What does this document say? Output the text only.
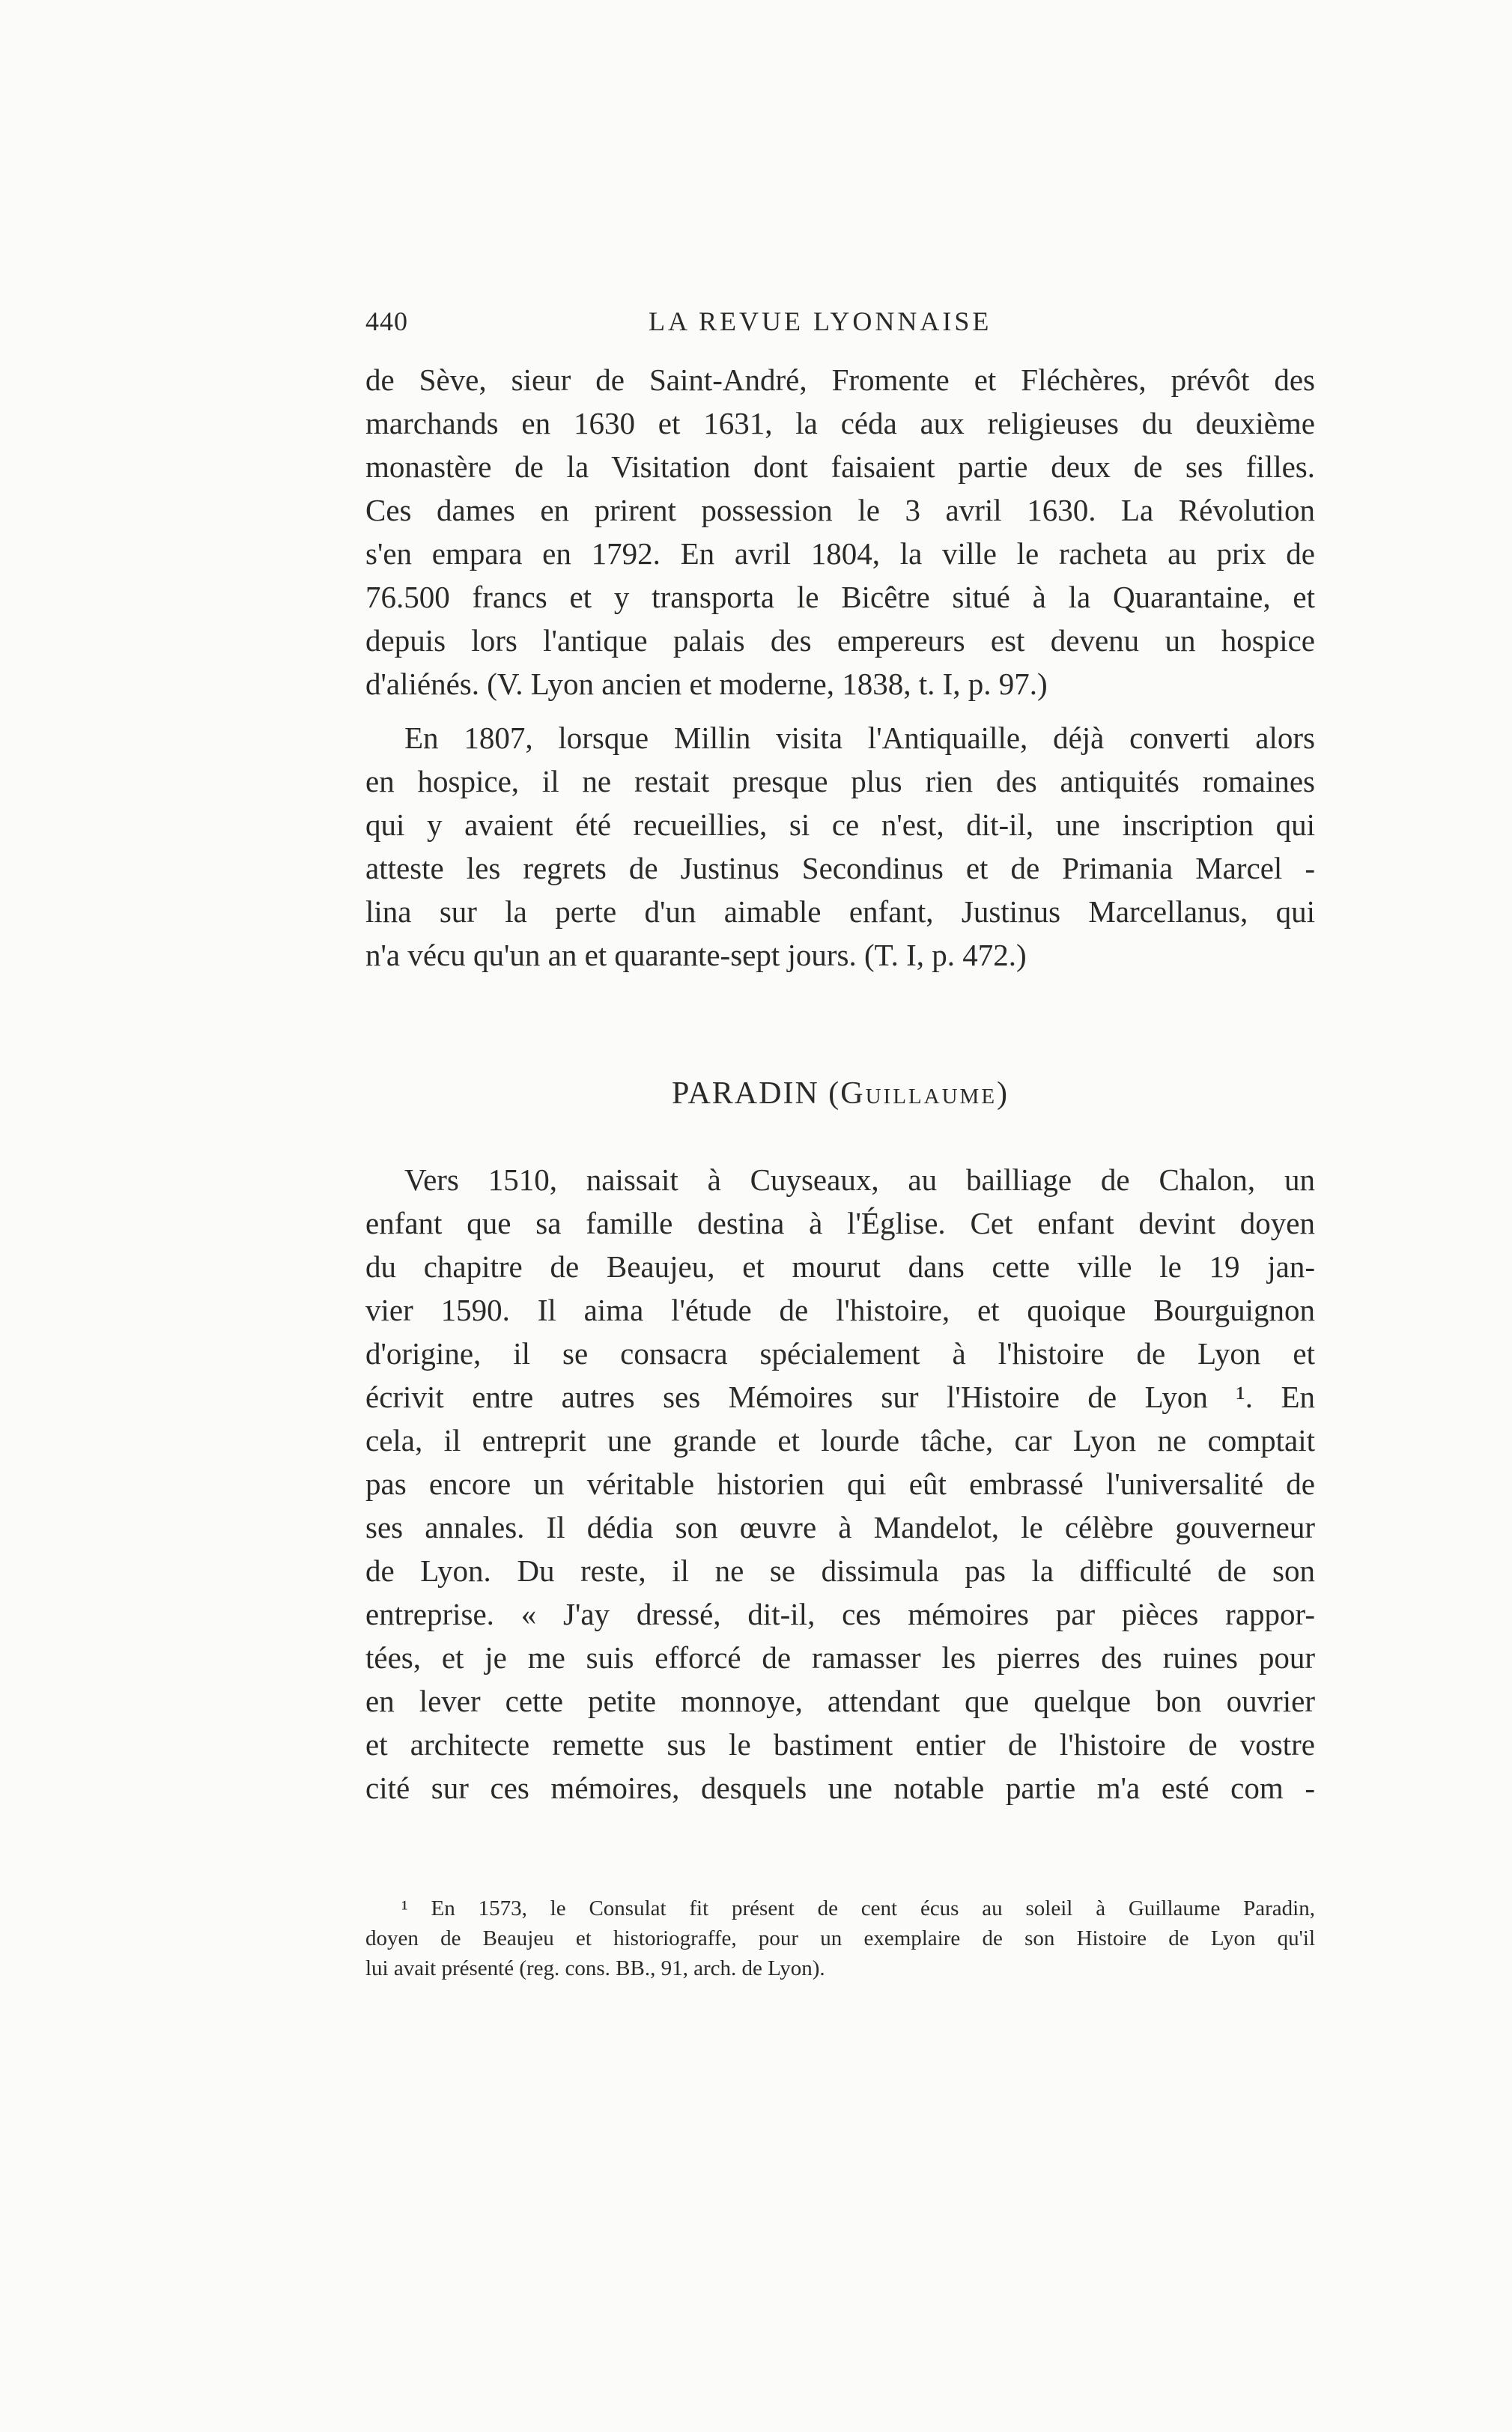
440	LA REVUE LYONNAISE
de Sève, sieur de Saint-André, Fromente et Fléchères, prévôt des
marchands en 1630 et 1631, la céda aux religieuses du deuxième
monastère de la Visitation dont faisaient partie deux de ses filles.
Ces dames en prirent possession le 3 avril 1630. La Révolution
s'en empara en 1792. En avril 1804, la ville le racheta au prix de
76.500 francs et y transporta le Bicêtre situé à la Quarantaine, et
depuis lors l'antique palais des empereurs est devenu un hospice
d'aliénés. (V. Lyon ancien et moderne, 1838, t. I, p. 97.)
En 1807, lorsque Millin visita l'Antiquaille, déjà converti alors
en hospice, il ne restait presque plus rien des antiquités romaines
qui y avaient été recueillies, si ce n'est, dit-il, une inscription qui
atteste les regrets de Justinus Secondinus et de Primania Marcel -
lina sur la perte d'un aimable enfant, Justinus Marcellanus, qui
n'a vécu qu'un an et quarante-sept jours. (T. I, p. 472.)
PARADIN (Guillaume)
Vers 1510, naissait à Cuyseaux, au bailliage de Chalon, un
enfant que sa famille destina à l'Église. Cet enfant devint doyen
du chapitre de Beaujeu, et mourut dans cette ville le 19 jan-
vier 1590. Il aima l'étude de l'histoire, et quoique Bourguignon
d'origine, il se consacra spécialement à l'histoire de Lyon et
écrivit entre autres ses Mémoires sur l'Histoire de Lyon ¹. En
cela, il entreprit une grande et lourde tâche, car Lyon ne comptait
pas encore un véritable historien qui eût embrassé l'universalité de
ses annales. Il dédia son œuvre à Mandelot, le célèbre gouverneur
de Lyon. Du reste, il ne se dissimula pas la difficulté de son
entreprise. « J'ay dressé, dit-il, ces mémoires par pièces rappor-
tées, et je me suis efforcé de ramasser les pierres des ruines pour
en lever cette petite monnoye, attendant que quelque bon ouvrier
et architecte remette sus le bastiment entier de l'histoire de vostre
cité sur ces mémoires, desquels une notable partie m'a esté com -
¹ En 1573, le Consulat fit présent de cent écus au soleil à Guillaume Paradin,
doyen de Beaujeu et historiograffe, pour un exemplaire de son Histoire de Lyon qu'il
lui avait présenté (reg. cons. BB., 91, arch. de Lyon).
